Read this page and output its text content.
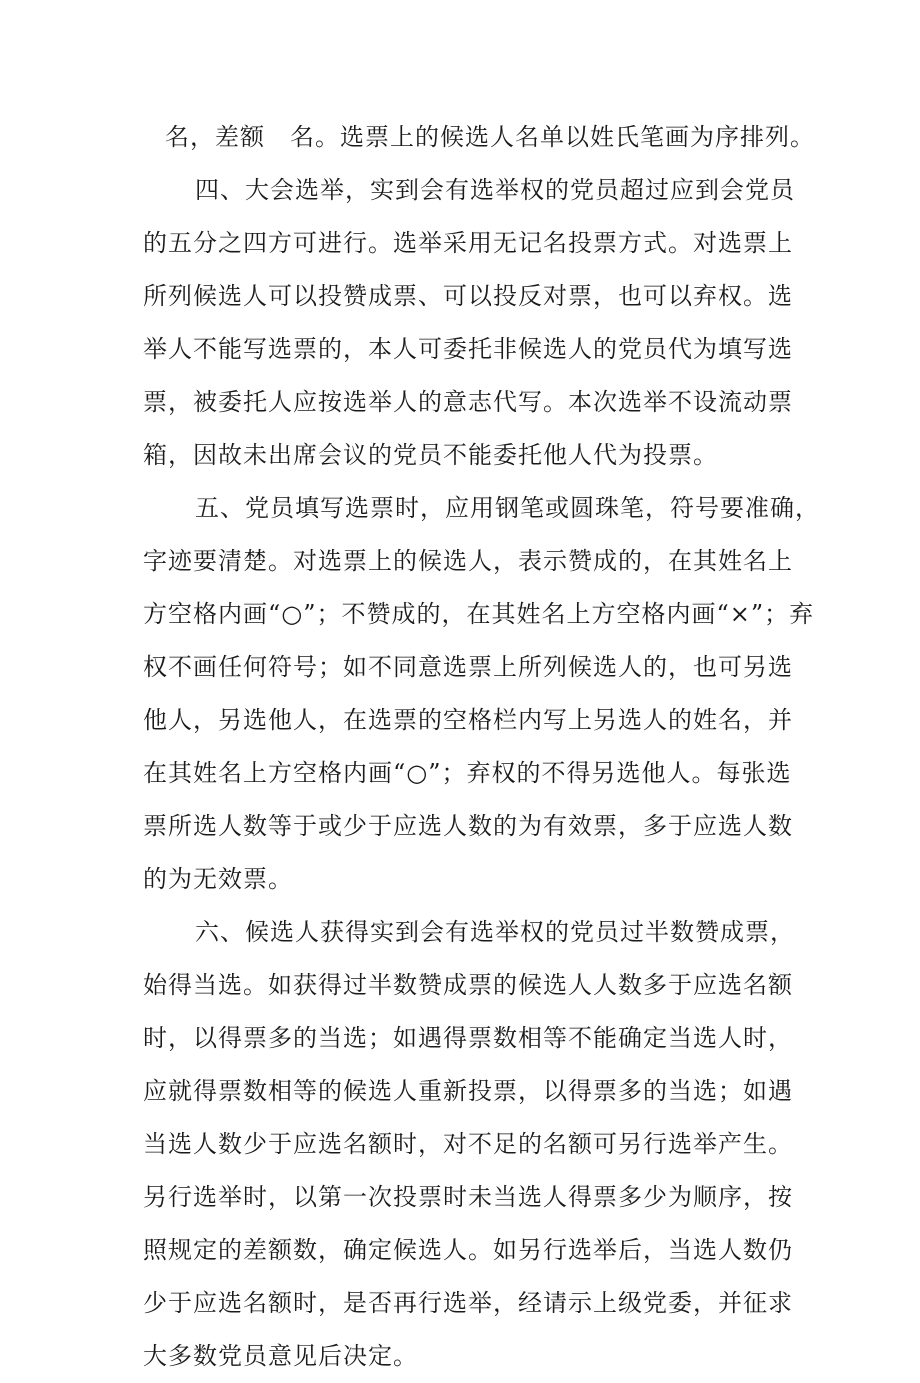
名，差额　名。选票上的候选人名单以姓氏笔画为序排列。
四、大会选举，实到会有选举权的党员超过应到会党员
的五分之四方可进行。选举采用无记名投票方式。对选票上
所列候选人可以投赞成票、可以投反对票，也可以弃权。选
举人不能写选票的，本人可委托非候选人的党员代为填写选
票，被委托人应按选举人的意志代写。本次选举不设流动票
箱，因故未出席会议的党员不能委托他人代为投票。
五、党员填写选票时，应用钢笔或圆珠笔，符号要准确，
字迹要清楚。对选票上的候选人，表示赞成的，在其姓名上
方空格内画“○”；不赞成的，在其姓名上方空格内画“×”；弃
权不画任何符号；如不同意选票上所列候选人的，也可另选
他人，另选他人，在选票的空格栏内写上另选人的姓名，并
在其姓名上方空格内画“○”；弃权的不得另选他人。每张选
票所选人数等于或少于应选人数的为有效票，多于应选人数
的为无效票。
六、候选人获得实到会有选举权的党员过半数赞成票，
始得当选。如获得过半数赞成票的候选人人数多于应选名额
时，以得票多的当选；如遇得票数相等不能确定当选人时，
应就得票数相等的候选人重新投票，以得票多的当选；如遇
当选人数少于应选名额时，对不足的名额可另行选举产生。
另行选举时，以第一次投票时未当选人得票多少为顺序，按
照规定的差额数，确定候选人。如另行选举后，当选人数仍
少于应选名额时，是否再行选举，经请示上级党委，并征求
大多数党员意见后决定。
